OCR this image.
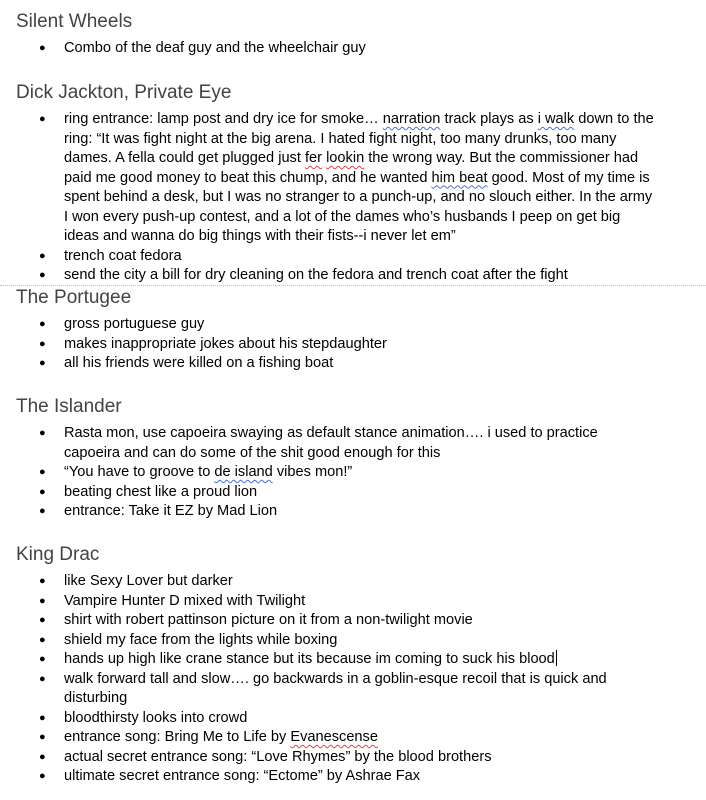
Silent Wheels
● Combo of the deaf guy and the wheelchair guy
Dick Jackton, Private Eye
● ring entrance: lamp post and dry ice for smoke… narration track plays as i walk down to the ring: “It was fight night at the big arena. I hated fight night, too many drunks, too many dames. A fella could get plugged just fer lookin the wrong way. But the commissioner had paid me good money to beat this chump, and he wanted him beat good. Most of my time is spent behind a desk, but I was no stranger to a punch-up, and no slouch either. In the army I won every push-up contest, and a lot of the dames who’s husbands I peep on get big ideas and wanna do big things with their fists--i never let em”
● trench coat fedora
● send the city a bill for dry cleaning on the fedora and trench coat after the fight
The Portugee
● gross portuguese guy
● makes inappropriate jokes about his stepdaughter
● all his friends were killed on a fishing boat
The Islander
● Rasta mon, use capoeira swaying as default stance animation…. i used to practice capoeira and can do some of the shit good enough for this
● “You have to groove to de island vibes mon!”
● beating chest like a proud lion
● entrance: Take it EZ by Mad Lion
King Drac
● like Sexy Lover but darker
● Vampire Hunter D mixed with Twilight
● shirt with robert pattinson picture on it from a non-twilight movie
● shield my face from the lights while boxing
● hands up high like crane stance but its because im coming to suck his blood
● walk forward tall and slow…. go backwards in a goblin-esque recoil that is quick and disturbing
● bloodthirsty looks into crowd
● entrance song: Bring Me to Life by Evanescense
● actual secret entrance song: “Love Rhymes” by the blood brothers
● ultimate secret entrance song: “Ectome” by Ashrae Fax
